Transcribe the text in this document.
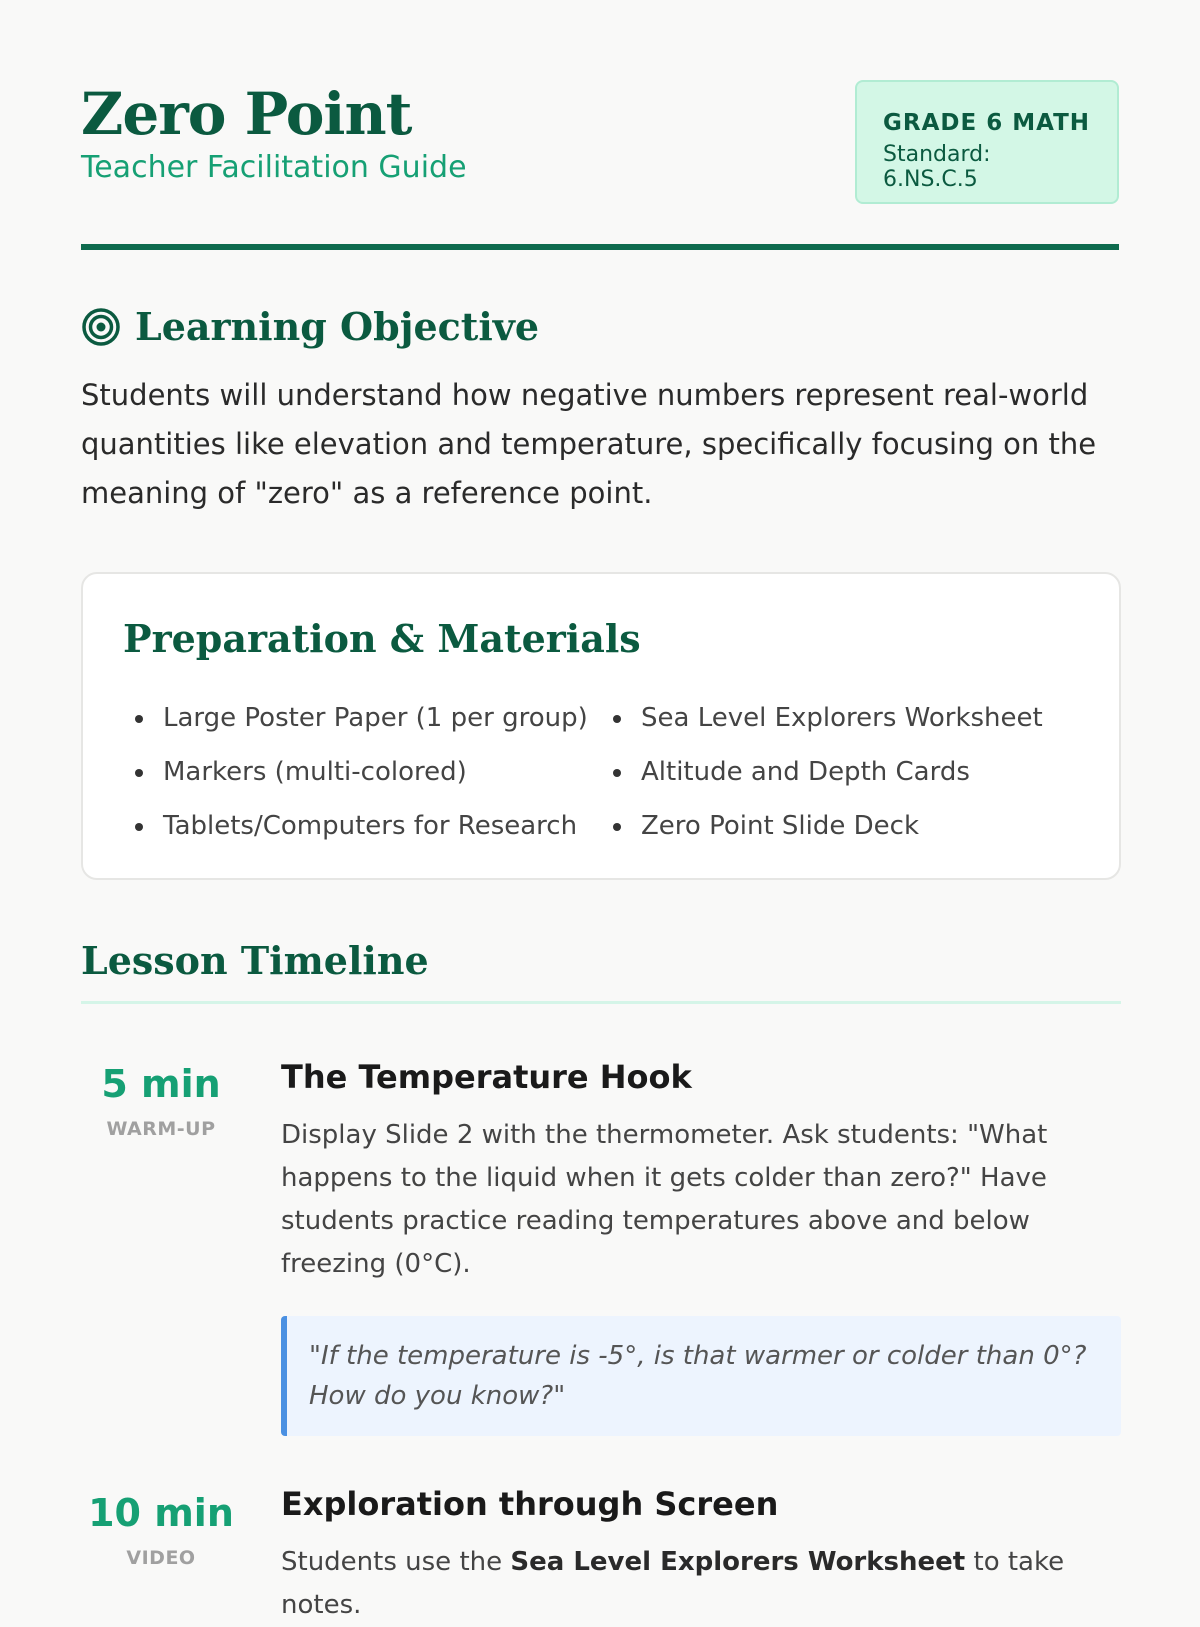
Zero Point
Teacher Facilitation Guide
GRADE 6 MATH
Standard: 6.NS.C.5
Learning Objective

Students will understand how negative numbers represent real-world quantities like elevation and temperature, specifically focusing on the meaning of "zero" as a reference point.

Preparation & Materials
Large Poster Paper (1 per group)
Markers (multi-colored)
Tablets/Computers for Research
Sea Level Explorers Worksheet
Altitude and Depth Cards
Zero Point Slide Deck
Lesson Timeline
5 min
WARM-UP
The Temperature Hook

Display Slide 2 with the thermometer. Ask students: "What happens to the liquid when it gets colder than zero?" Have students practice reading temperatures above and below freezing (0°C).

"If the temperature is -5°, is that warmer or colder than 0°? How do you know?"
10 min
VIDEO
Exploration through Screen

Students use the Sea Level Explorers Worksheet to take notes.
